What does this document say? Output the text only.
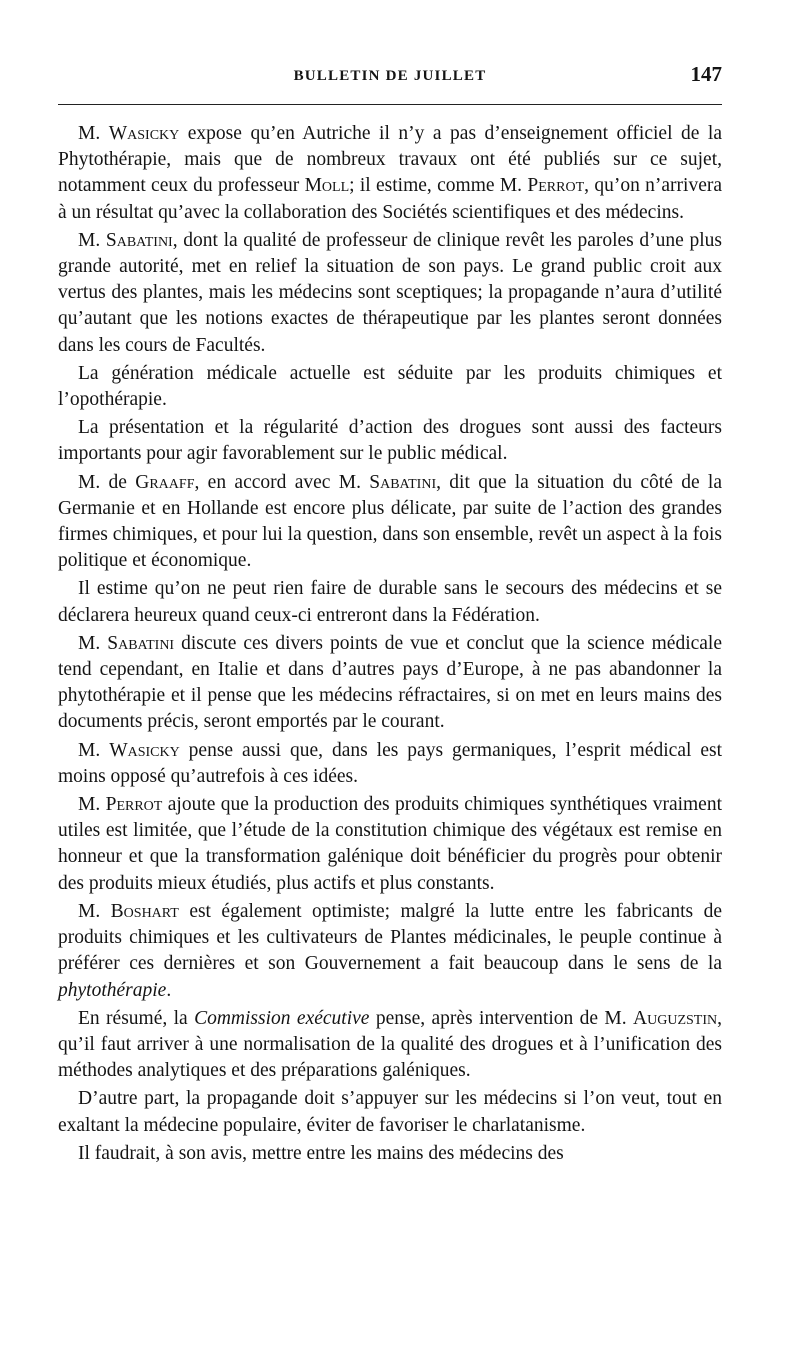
BULLETIN DE JUILLET	147

M. Wasicky expose qu’en Autriche il n’y a pas d’enseignement officiel de la Phytothérapie, mais que de nombreux travaux ont été publiés sur ce sujet, notamment ceux du professeur Moll; il estime, comme M. Perrot, qu’on n’arrivera à un résultat qu’avec la collaboration des Sociétés scientifiques et des médecins.

M. Sabatini, dont la qualité de professeur de clinique revêt les paroles d’une plus grande autorité, met en relief la situation de son pays. Le grand public croit aux vertus des plantes, mais les médecins sont sceptiques; la propagande n’aura d’utilité qu’autant que les notions exactes de thérapeutique par les plantes seront données dans les cours de Facultés.

La génération médicale actuelle est séduite par les produits chimiques et l’opothérapie.

La présentation et la régularité d’action des drogues sont aussi des facteurs importants pour agir favorablement sur le public médical.

M. de Graaff, en accord avec M. Sabatini, dit que la situation du côté de la Germanie et en Hollande est encore plus délicate, par suite de l’action des grandes firmes chimiques, et pour lui la question, dans son ensemble, revêt un aspect à la fois politique et économique.

Il estime qu’on ne peut rien faire de durable sans le secours des médecins et se déclarera heureux quand ceux-ci entreront dans la Fédération.

M. Sabatini discute ces divers points de vue et conclut que la science médicale tend cependant, en Italie et dans d’autres pays d’Europe, à ne pas abandonner la phytothérapie et il pense que les médecins réfractaires, si on met en leurs mains des documents précis, seront emportés par le courant.

M. Wasicky pense aussi que, dans les pays germaniques, l’esprit médical est moins opposé qu’autrefois à ces idées.

M. Perrot ajoute que la production des produits chimiques synthétiques vraiment utiles est limitée, que l’étude de la constitution chimique des végétaux est remise en honneur et que la transformation galénique doit bénéficier du progrès pour obtenir des produits mieux étudiés, plus actifs et plus constants.

M. Boshart est également optimiste; malgré la lutte entre les fabricants de produits chimiques et les cultivateurs de Plantes médicinales, le peuple continue à préférer ces dernières et son Gouvernement a fait beaucoup dans le sens de la phytothérapie.

En résumé, la Commission exécutive pense, après intervention de M. Auguzstin, qu’il faut arriver à une normalisation de la qualité des drogues et à l’unification des méthodes analytiques et des préparations galéniques.

D’autre part, la propagande doit s’appuyer sur les médecins si l’on veut, tout en exaltant la médecine populaire, éviter de favoriser le charlatanisme.

Il faudrait, à son avis, mettre entre les mains des médecins des
